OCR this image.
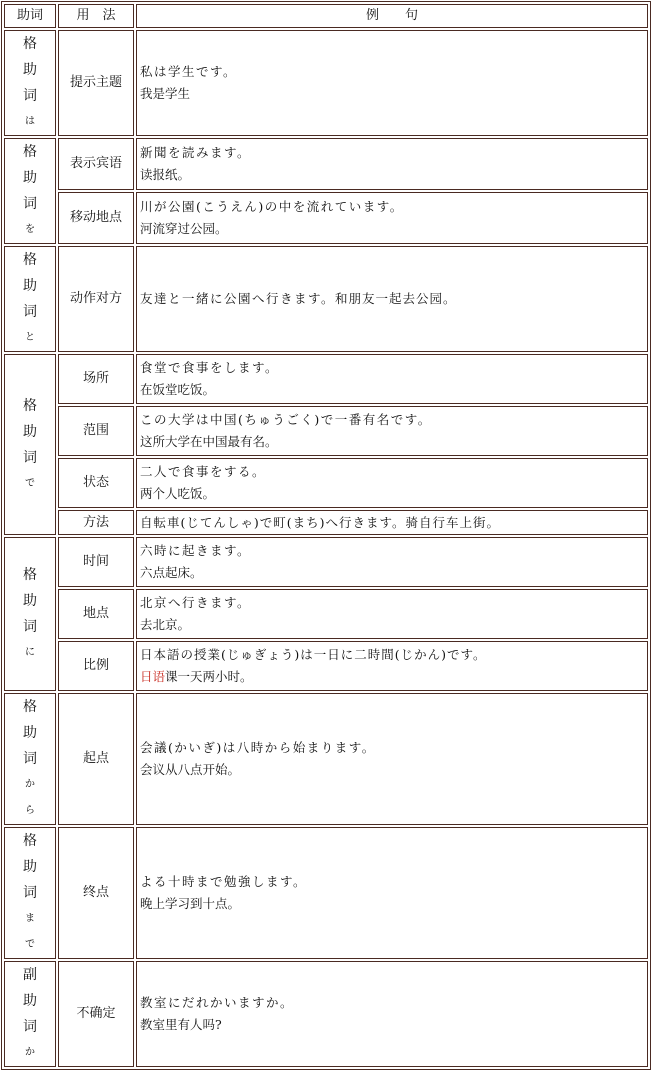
助词	用　法	例　　句

格
助
词
は	提示主题	私は学生です。
我是学生

格
助
词
を	表示宾语	新聞を読みます。
读报纸。

	移动地点	川が公園(こうえん)の中を流れています。
河流穿过公园。

格
助
词
と	动作对方	友達と一緒に公園へ行きます。和朋友一起去公园。

格
助
词
で	场所	食堂で食事をします。
在饭堂吃饭。

	范围	この大学は中国(ちゅうごく)で一番有名です。
这所大学在中国最有名。

	状态	二人で食事をする。
两个人吃饭。

	方法	自転車(じてんしゃ)で町(まち)へ行きます。骑自行车上街。

格
助
词
に	时间	六時に起きます。
六点起床。

	地点	北京へ行きます。
去北京。

	比例	日本語の授業(じゅぎょう)は一日に二時間(じかん)です。
日语课一天两小时。

格
助
词
か
ら	起点	会議(かいぎ)は八時から始まります。
会议从八点开始。

格
助
词
ま
で	终点	よる十時まで勉強します。
晚上学习到十点。

副
助
词
か	不确定	教室にだれかいますか。
教室里有人吗?
